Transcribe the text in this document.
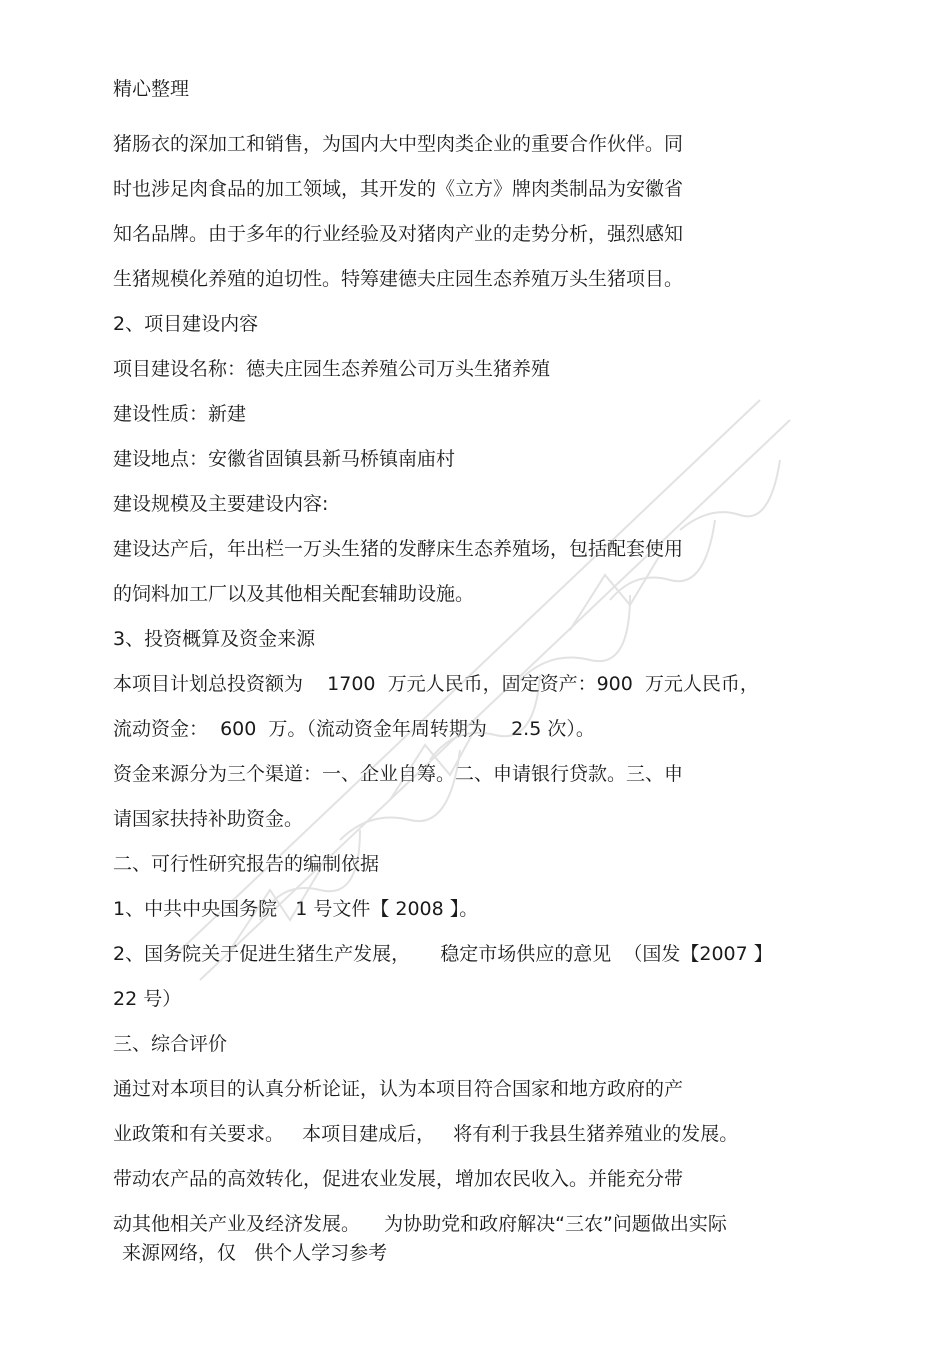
精心整理
猪肠衣的深加工和销售，为国内大中型肉类企业的重要合作伙伴。同
时也涉足肉食品的加工领域，其开发的《立方》牌肉类制品为安徽省
知名品牌。由于多年的行业经验及对猪肉产业的走势分析，强烈感知
生猪规模化养殖的迫切性。特筹建德夫庄园生态养殖万头生猪项目。
2、项目建设内容
项目建设名称：德夫庄园生态养殖公司万头生猪养殖
建设性质：新建
建设地点：安徽省固镇县新马桥镇南庙村
建设规模及主要建设内容:
建设达产后，年出栏一万头生猪的发酵床生态养殖场，包括配套使用
的饲料加工厂以及其他相关配套辅助设施。
3、投资概算及资金来源
本项目计划总投资额为    1700  万元人民币，固定资产：900  万元人民币，
流动资金：  600  万。（流动资金年周转期为    2.5 次）。
资金来源分为三个渠道：一、企业自筹。二、申请银行贷款。三、申
请国家扶持补助资金。
二、可行性研究报告的编制依据
1、中共中央国务院   1 号文件【 2008 】。
2、国务院关于促进生猪生产发展，     稳定市场供应的意见  （国发【2007 】
22 号）
三、综合评价
通过对本项目的认真分析论证，认为本项目符合国家和地方政府的产
业政策和有关要求。   本项目建成后，   将有利于我县生猪养殖业的发展。
带动农产品的高效转化，促进农业发展，增加农民收入。并能充分带
动其他相关产业及经济发展。    为协助党和政府解决“三农”问题做出实际
来源网络，仅   供个人学习参考
